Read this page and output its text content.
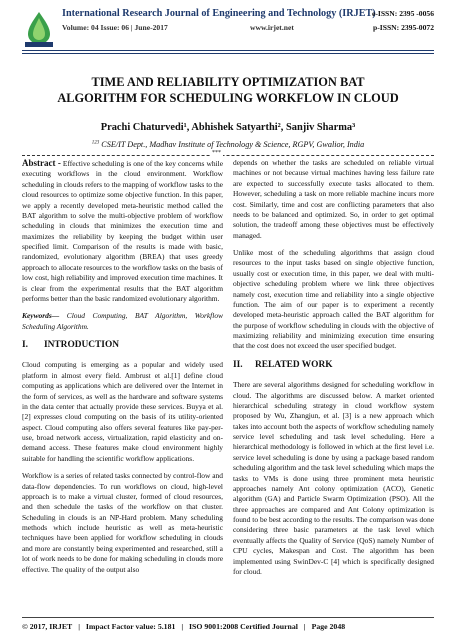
International Research Journal of Engineering and Technology (IRJET)
Volume: 04 Issue: 06 | June-2017	www.irjet.net
e-ISSN: 2395 -0056
p-ISSN: 2395-0072
TIME AND RELIABILITY OPTIMIZATION BAT
ALGORITHM FOR SCHEDULING WORKFLOW IN CLOUD
Prachi Chaturvedi¹, Abhishek Satyarthi², Sanjiv Sharma³
$^{123}$ CSE/IT Dept., Madhav Institute of Technology & Science, RGPV, Gwalior, India
***

Abstract - Effective scheduling is one of the key concerns while executing workflows in the cloud environment. Workflow scheduling in clouds refers to the mapping of workflow tasks to the cloud resources to optimize some objective function. In this paper, we apply a recently developed meta-heuristic method called the BAT algorithm to solve the multi-objective problem of workflow scheduling in clouds that minimizes the execution time and maximizes the reliability by keeping the budget within user specified limit. Comparison of the results is made with basic, randomized, evolutionary algorithm (BREA) that uses greedy approach to allocate resources to the workflow tasks on the basis of low cost, high reliability and improved execution time machines. It is clear from the experimental results that the BAT algorithm performs better than the basic randomized evolutionary algorithm.

Keywords— Cloud Computing, BAT Algorithm, Workflow Scheduling Algorithm.

I. INTRODUCTION

Cloud computing is emerging as a popular and widely used platform in almost every field. Ambrust et al.[1] define cloud computing as applications which are delivered over the Internet in the form of services, as well as the hardware and software systems in the data center that actually provide these services. Buyya et al. [2] expresses cloud computing on the basis of its utility-oriented aspect. Cloud computing also offers several features like pay-per-use, broad network access, virtualization, rapid elasticity and on-demand access. These features make cloud environment highly suitable for handling the scientific workflow applications.

Workflow is a series of related tasks connected by control-flow and data-flow dependencies. To run workflows on cloud, high-level approach is to make a virtual cluster, formed of cloud resources, and then schedule the tasks of the workflow on that cluster. Scheduling in clouds is an NP-Hard problem. Many scheduling methods which include heuristic as well as meta-heuristic techniques have been applied for workflow scheduling in clouds and more are constantly being experimented and researched, still a lot of work needs to be done for making scheduling in clouds more effective. The quality of the output also

depends on whether the tasks are scheduled on reliable virtual machines or not because virtual machines having less failure rate are expected to successfully execute tasks allocated to them. However, scheduling a task on more reliable machine incurs more cost. Similarly, time and cost are conflicting parameters that also needs to be balanced and optimized. So, in order to get optimal solution, the tradeoff among these objectives must be effectively managed.

Unlike most of the scheduling algorithms that assign cloud resources to the input tasks based on single objective function, usually cost or execution time, in this paper, we deal with multi-objective scheduling problem where we link three objectives namely cost, execution time and reliability into a single objective function. The aim of our paper is to experiment a recently developed meta-heuristic approach called the BAT algorithm for the purpose of workflow scheduling in clouds with the objective of maximizing reliability and minimizing execution time ensuring that the cost does not exceed the user specified budget.

II. RELATED WORK

There are several algorithms designed for scheduling workflow in cloud. The algorithms are discussed below. A market oriented hierarchical scheduling strategy in cloud workflow system proposed by Wu, Zhangjun, et al. [3] is a new approach which takes into account both the aspects of workflow scheduling namely service level scheduling and task level scheduling. Here a hierarchical methodology is followed in which at the first level i.e. service level scheduling is done by using a package based random scheduling algorithm and the task level scheduling which maps the tasks to VMs is done using three prominent meta heuristic approaches namely Ant colony optimization (ACO), Genetic algorithm (GA) and Particle Swarm Optimization (PSO). All the three approaches are compared and Ant Colony optimization is found to be best according to the results. The comparison was done considering three basic parameters at the task level which eventually affects the Quality of Service (QoS) namely Number of CPU cycles, Makespan and Cost. The algorithm has been implemented using SwinDev-C [4] which is specifically designed for cloud.

© 2017, IRJET | Impact Factor value: 5.181 | ISO 9001:2008 Certified Journal | Page 2048
